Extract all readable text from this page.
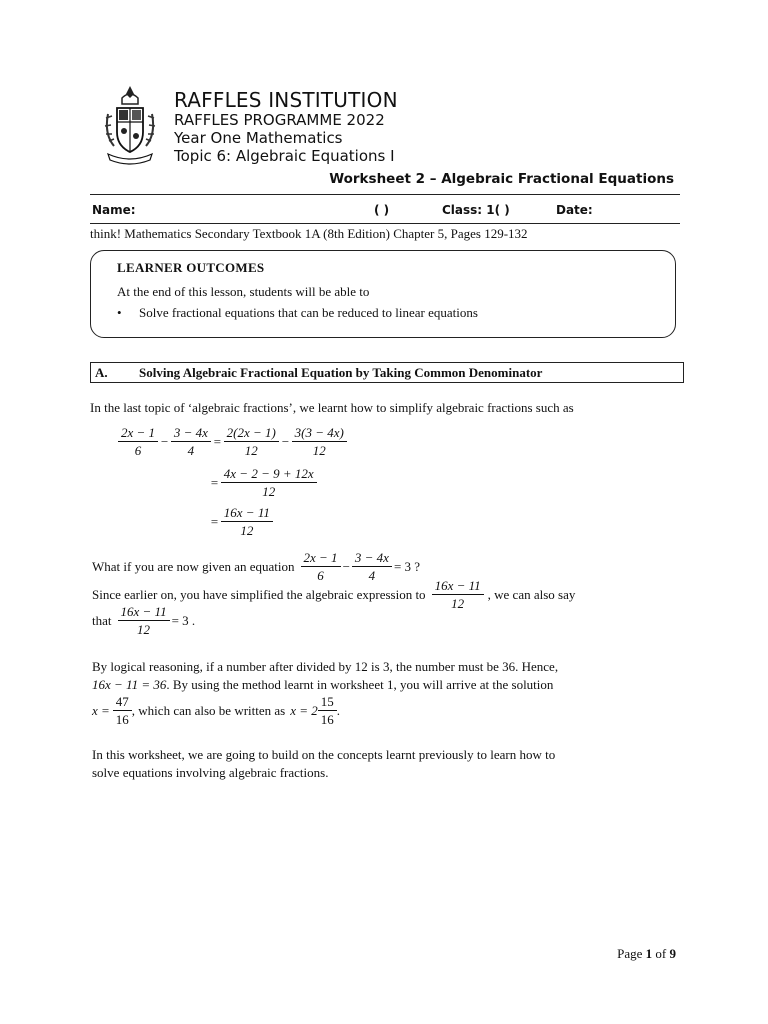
RAFFLES INSTITUTION
RAFFLES PROGRAMME 2022
Year One Mathematics
Topic 6: Algebraic Equations I
Worksheet 2 – Algebraic Fractional Equations
Name:	( )	Class: 1( )	Date:
think! Mathematics Secondary Textbook 1A (8th Edition) Chapter 5, Pages 129-132
LEARNER OUTCOMES
At the end of this lesson, students will be able to
• Solve fractional equations that can be reduced to linear equations
A. Solving Algebraic Fractional Equation by Taking Common Denominator
In the last topic of ‘algebraic fractions’, we learnt how to simplify algebraic fractions such as
$\frac{2x - 1}{6} - \frac{3 - 4x}{4} = \frac{2(2x - 1)}{12} - \frac{3(3 - 4x)}{12}$
= $\frac{4x - 2 - 9 + 12x}{12}$
= $\frac{16x - 11}{12}$
What if you are now given an equation $\frac{2x - 1}{6} - \frac{3 - 4x}{4} = 3$ ?
Since earlier on, you have simplified the algebraic expression to $\frac{16x - 11}{12}$ , we can also say
that $\frac{16x - 11}{12} = 3$ .
By logical reasoning, if a number after divided by 12 is 3, the number must be 36. Hence,
16x − 11 = 36. By using the method learnt in worksheet 1, you will arrive at the solution
$x = \frac{47}{16}$ , which can also be written as $x = 2 \frac{15}{16}$ .
In this worksheet, we are going to build on the concepts learnt previously to learn how to
solve equations involving algebraic fractions.
Page 1 of 9
